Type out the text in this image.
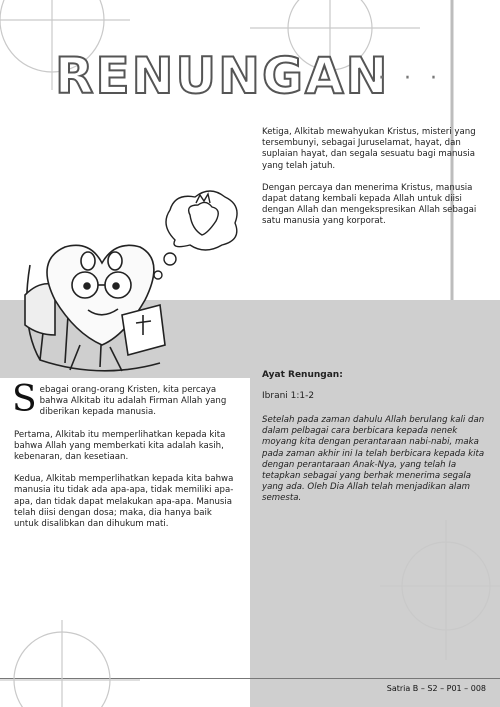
RENUNGAN
· · ·

Ketiga, Alkitab mewahyukan Kristus, misteri yang tersembunyi, sebagai Juruselamat, hayat, dan suplaian hayat, dan segala sesuatu bagi manusia yang telah jatuh.

Dengan percaya dan menerima Kristus, manusia dapat datang kembali kepada Allah untuk diisi dengan Allah dan mengekspresikan Allah sebagai satu manusia yang korporat.

Sebagai orang-orang Kristen, kita percaya bahwa Alkitab itu adalah Firman Allah yang diberikan kepada manusia.

Pertama, Alkitab itu memperlihatkan kepada kita bahwa Allah yang memberkati kita adalah kasih, kebenaran, dan kesetiaan.

Kedua, Alkitab memperlihatkan kepada kita bahwa manusia itu tidak ada apa-apa, tidak memiliki apa-apa, dan tidak dapat melakukan apa-apa. Manusia telah diisi dengan dosa; maka, dia hanya baik untuk disalibkan dan dihukum mati.

Ayat Renungan:
Ibrani 1:1-2
Setelah pada zaman dahulu Allah berulang kali dan dalam pelbagai cara berbicara kepada nenek moyang kita dengan perantaraan nabi-nabi, maka pada zaman akhir ini Ia telah berbicara kepada kita dengan perantaraan Anak-Nya, yang telah Ia tetapkan sebagai yang berhak menerima segala yang ada. Oleh Dia Allah telah menjadikan alam semesta.
Satria B – S2 – P01 – 008
